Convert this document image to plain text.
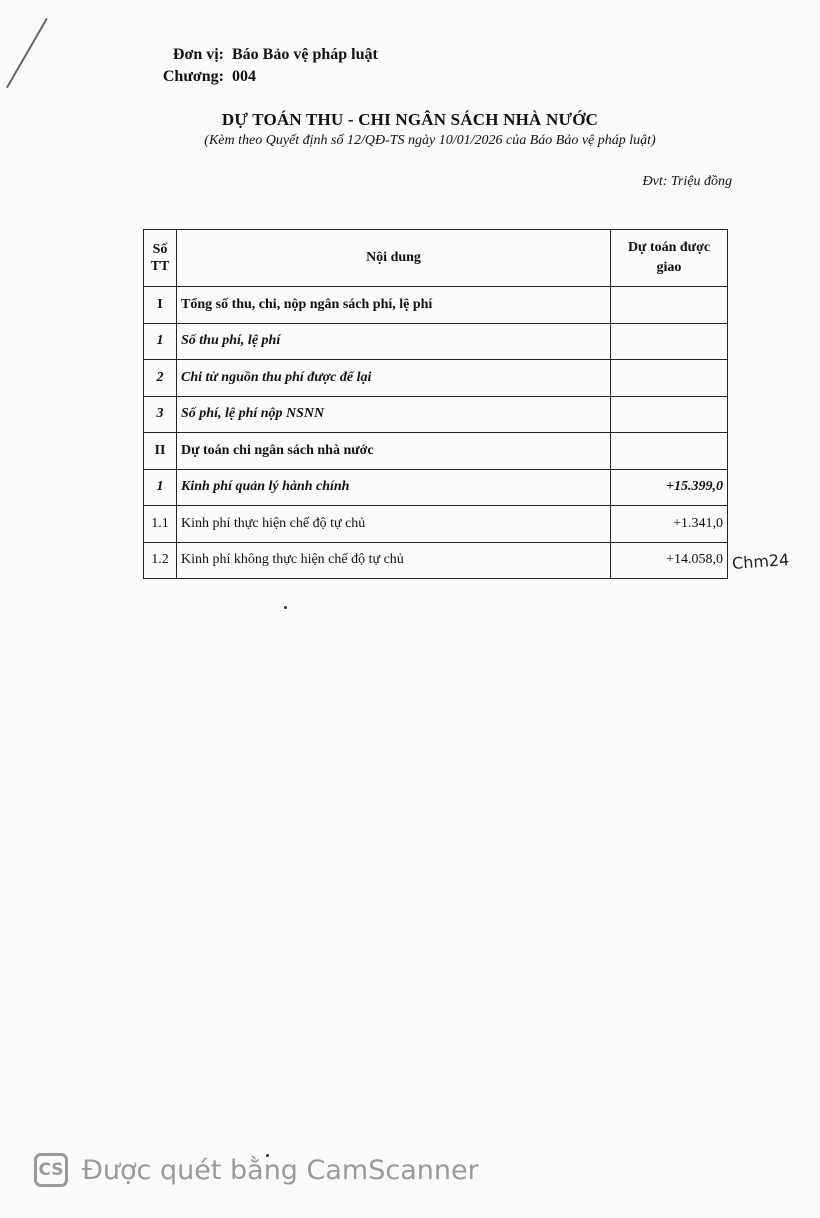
Đơn vị: Báo Bảo vệ pháp luật
Chương: 004
DỰ TOÁN THU - CHI NGÂN SÁCH NHÀ NƯỚC
(Kèm theo Quyết định số 12/QĐ-TS ngày 10/01/2026 của Báo Bảo vệ pháp luật)
Đvt: Triệu đồng
Số TT	Nội dung	Dự toán được giao
I	Tổng số thu, chi, nộp ngân sách phí, lệ phí	
1	Số thu phí, lệ phí	
2	Chi từ nguồn thu phí được để lại	
3	Số phí, lệ phí nộp NSNN	
II	Dự toán chi ngân sách nhà nước	
1	Kinh phí quản lý hành chính	+15.399,0
1.1	Kinh phí thực hiện chế độ tự chủ	+1.341,0
1.2	Kinh phí không thực hiện chế độ tự chủ	+14.058,0 Chm24
CS Được quét bằng CamScanner
